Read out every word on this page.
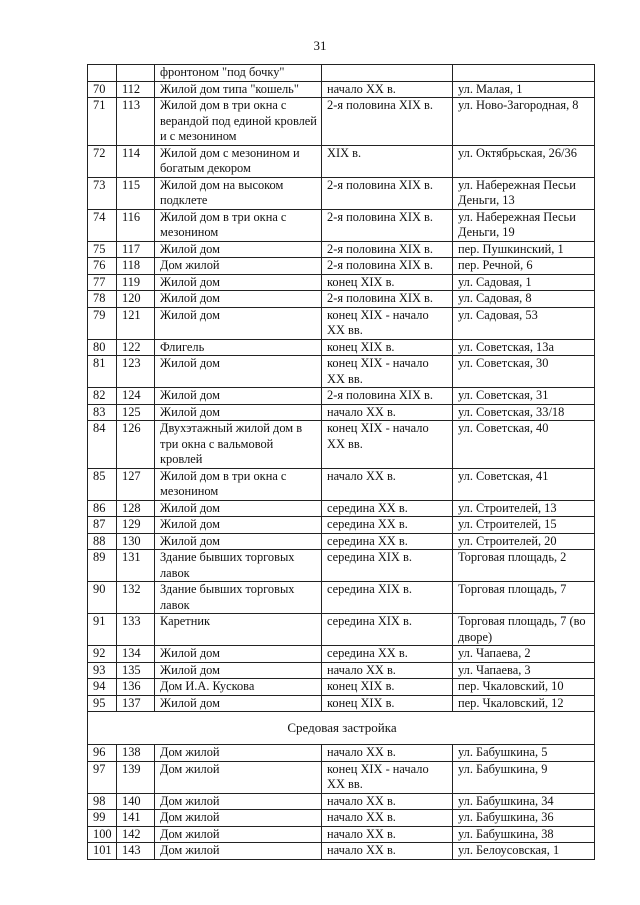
31
		фронтоном "под бочку"		
70	112	Жилой дом типа "кошель"	начало XX в.	ул. Малая, 1
71	113	Жилой дом в три окна с верандой под единой кровлей и с мезонином	2-я половина XIX в.	ул. Ново-Загородная, 8
72	114	Жилой дом с мезонином и богатым декором	XIX в.	ул. Октябрьская, 26/36
73	115	Жилой дом на высоком подклете	2-я половина XIX в.	ул. Набережная Песьи Деньги, 13
74	116	Жилой дом в три окна с мезонином	2-я половина XIX в.	ул. Набережная Песьи Деньги, 19
75	117	Жилой дом	2-я половина XIX в.	пер. Пушкинский, 1
76	118	Дом жилой	2-я половина XIX в.	пер. Речной, 6
77	119	Жилой дом	конец XIX в.	ул. Садовая, 1
78	120	Жилой дом	2-я половина XIX в.	ул. Садовая, 8
79	121	Жилой дом	конец XIX - начало XX вв.	ул. Садовая, 53
80	122	Флигель	конец XIX в.	ул. Советская, 13а
81	123	Жилой дом	конец XIX - начало XX вв.	ул. Советская, 30
82	124	Жилой дом	2-я половина XIX в.	ул. Советская, 31
83	125	Жилой дом	начало XX в.	ул. Советская, 33/18
84	126	Двухэтажный жилой дом в три окна с вальмовой кровлей	конец XIX - начало XX вв.	ул. Советская, 40
85	127	Жилой дом в три окна с мезонином	начало XX в.	ул. Советская, 41
86	128	Жилой дом	середина XX в.	ул. Строителей, 13
87	129	Жилой дом	середина XX в.	ул. Строителей, 15
88	130	Жилой дом	середина XX в.	ул. Строителей, 20
89	131	Здание бывших торговых лавок	середина XIX в.	Торговая площадь, 2
90	132	Здание бывших торговых лавок	середина XIX в.	Торговая площадь, 7
91	133	Каретник	середина XIX в.	Торговая площадь, 7 (во дворе)
92	134	Жилой дом	середина XX в.	ул. Чапаева, 2
93	135	Жилой дом	начало XX в.	ул. Чапаева, 3
94	136	Дом И.А. Кускова	конец XIX в.	пер. Чкаловский, 10
95	137	Жилой дом	конец XIX в.	пер. Чкаловский, 12
Средовая застройка				
96	138	Дом жилой	начало XX в.	ул. Бабушкина, 5
97	139	Дом жилой	конец XIX - начало XX вв.	ул. Бабушкина, 9
98	140	Дом жилой	начало XX в.	ул. Бабушкина, 34
99	141	Дом жилой	начало XX в.	ул. Бабушкина, 36
100	142	Дом жилой	начало XX в.	ул. Бабушкина, 38
101	143	Дом жилой	начало XX в.	ул. Белоусовская, 1
